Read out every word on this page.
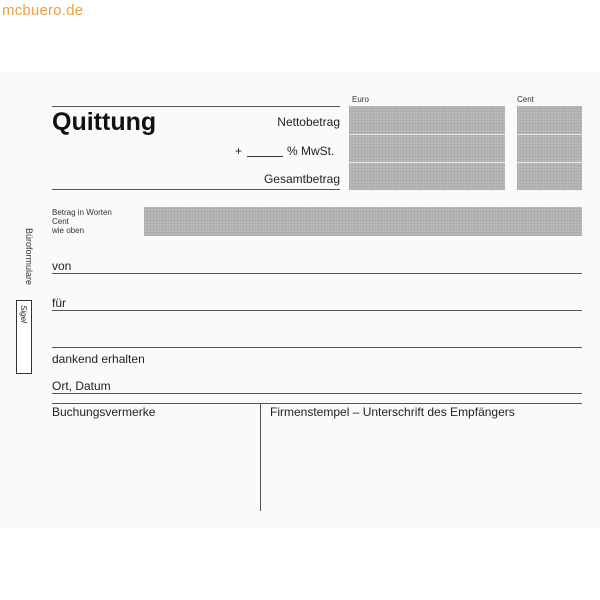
mcbuero.de
Büroformulare
Sigel
Quittung
Euro	Cent
Nettobetrag
+	% MwSt.
Gesamtbetrag
Betrag in Worten
Cent
wie oben
von
für
dankend erhalten
Ort, Datum
Buchungsvermerke	Firmenstempel – Unterschrift des Empfängers
